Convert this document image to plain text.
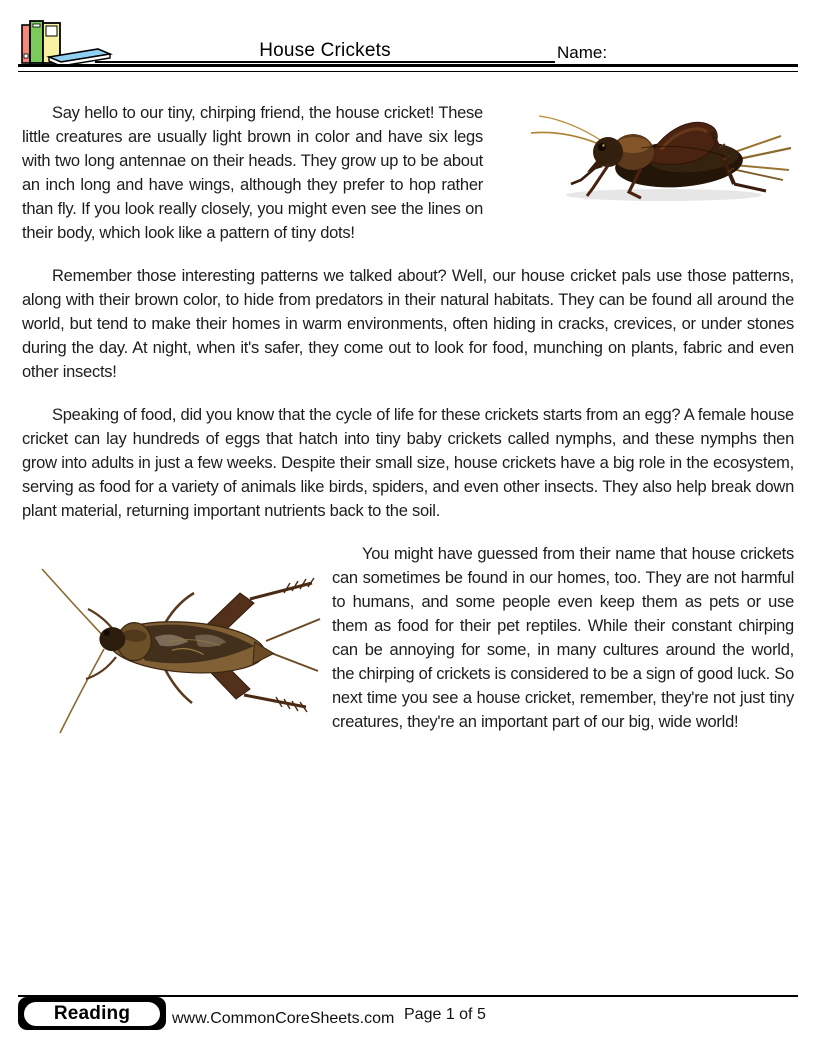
House Crickets	Name:

Say hello to our tiny, chirping friend, the house cricket! These little creatures are usually light brown in color and have six legs with two long antennae on their heads. They grow up to be about an inch long and have wings, although they prefer to hop rather than fly. If you look really closely, you might even see the lines on their body, which look like a pattern of tiny dots!

Remember those interesting patterns we talked about? Well, our house cricket pals use those patterns, along with their brown color, to hide from predators in their natural habitats. They can be found all around the world, but tend to make their homes in warm environments, often hiding in cracks, crevices, or under stones during the day. At night, when it's safer, they come out to look for food, munching on plants, fabric and even other insects!

Speaking of food, did you know that the cycle of life for these crickets starts from an egg? A female house cricket can lay hundreds of eggs that hatch into tiny baby crickets called nymphs, and these nymphs then grow into adults in just a few weeks. Despite their small size, house crickets have a big role in the ecosystem, serving as food for a variety of animals like birds, spiders, and even other insects. They also help break down plant material, returning important nutrients back to the soil.

You might have guessed from their name that house crickets can sometimes be found in our homes, too. They are not harmful to humans, and some people even keep them as pets or use them as food for their pet reptiles. While their constant chirping can be annoying for some, in many cultures around the world, the chirping of crickets is considered to be a sign of good luck. So next time you see a house cricket, remember, they're not just tiny creatures, they're an important part of our big, wide world!

Reading	www.CommonCoreSheets.com Page 1 of 5
